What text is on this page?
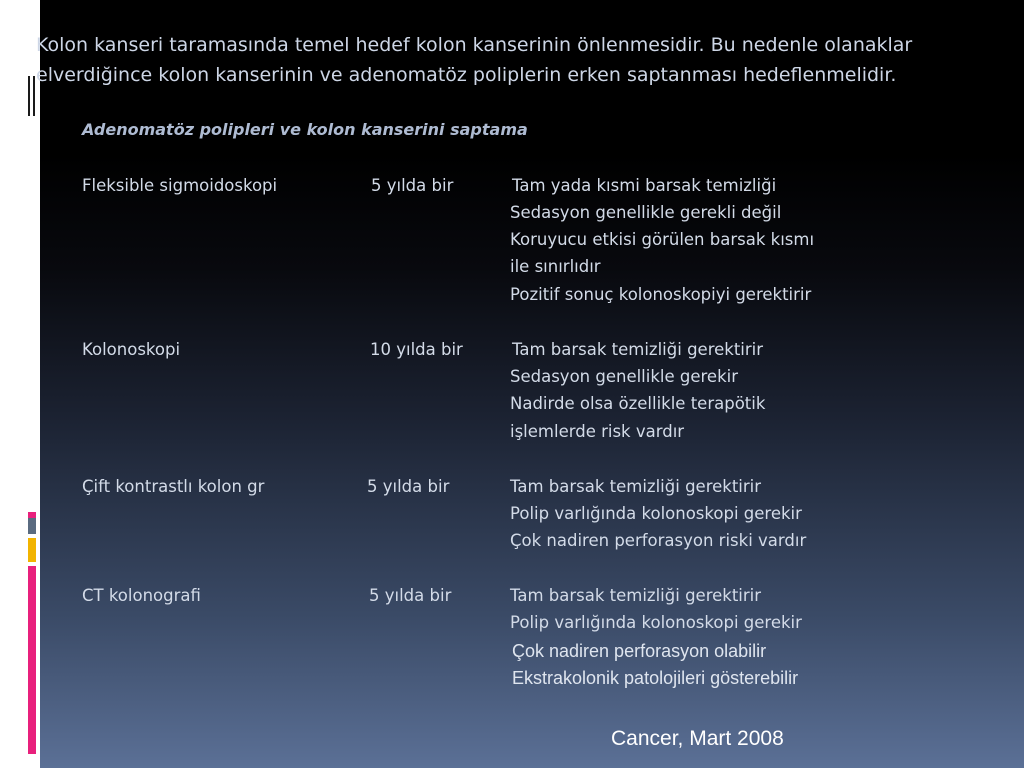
Kolon kanseri taramasında temel hedef kolon kanserinin önlenmesidir. Bu nedenle olanaklar elverdiğince kolon kanserinin ve adenomatöz poliplerin erken saptanması hedeflenmelidir.
Adenomatöz polipleri ve kolon kanserini saptama
Fleksible sigmoidoskopi	5 yılda bir	Tam yada kısmi barsak temizliği
Sedasyon genellikle gerekli değil
Koruyucu etkisi görülen barsak kısmı
ile sınırlıdır
Pozitif sonuç kolonoskopiyi gerektirir
Kolonoskopi	10 yılda bir	Tam barsak temizliği gerektirir
Sedasyon genellikle gerekir
Nadirde olsa özellikle terapötik
işlemlerde risk vardır
Çift kontrastlı kolon gr	5 yılda bir	Tam barsak temizliği gerektirir
Polip varlığında kolonoskopi gerekir
Çok nadiren perforasyon riski vardır
CT kolonografi	5 yılda bir	Tam barsak temizliği gerektirir
Polip varlığında kolonoskopi gerekir
Çok nadiren perforasyon olabilir
Ekstrakolonik patolojileri gösterebilir
Cancer, Mart 2008
